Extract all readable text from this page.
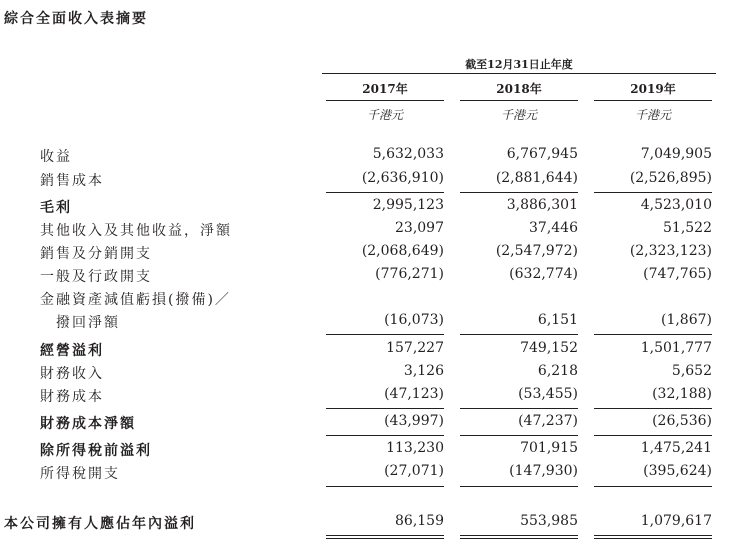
綜合全面收入表摘要
截至12月31日止年度
2017年	2018年	2019年
千港元	千港元	千港元
收益	5,632,033	6,767,945	7,049,905
銷售成本	(2,636,910)	(2,881,644)	(2,526,895)
毛利	2,995,123	3,886,301	4,523,010
其他收入及其他收益，淨額	23,097	37,446	51,522
銷售及分銷開支	(2,068,649)	(2,547,972)	(2,323,123)
一般及行政開支	(776,271)	(632,774)	(747,765)
金融資產減值虧損(撥備)／
撥回淨額	(16,073)	6,151	(1,867)
經營溢利	157,227	749,152	1,501,777
財務收入	3,126	6,218	5,652
財務成本	(47,123)	(53,455)	(32,188)
財務成本淨額	(43,997)	(47,237)	(26,536)
除所得稅前溢利	113,230	701,915	1,475,241
所得稅開支	(27,071)	(147,930)	(395,624)
本公司擁有人應佔年內溢利	86,159	553,985	1,079,617
